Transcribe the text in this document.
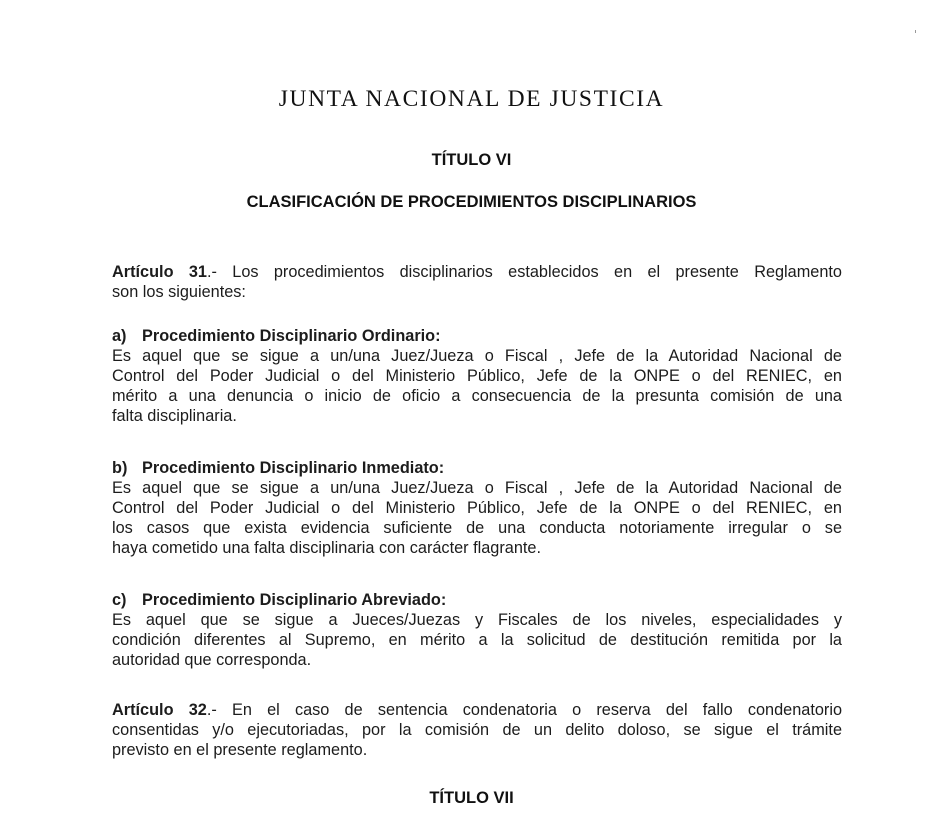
JUNTA NACIONAL DE JUSTICIA
TÍTULO VI
CLASIFICACIÓN DE PROCEDIMIENTOS DISCIPLINARIOS
Artículo 31.- Los procedimientos disciplinarios establecidos en el presente Reglamento
son los siguientes:
a) Procedimiento Disciplinario Ordinario:
Es aquel que se sigue a un/una Juez/Jueza o Fiscal , Jefe de la Autoridad Nacional de
Control del Poder Judicial o del Ministerio Público, Jefe de la ONPE o del RENIEC, en
mérito a una denuncia o inicio de oficio a consecuencia de la presunta comisión de una
falta disciplinaria.
b) Procedimiento Disciplinario Inmediato:
Es aquel que se sigue a un/una Juez/Jueza o Fiscal , Jefe de la Autoridad Nacional de
Control del Poder Judicial o del Ministerio Público, Jefe de la ONPE o del RENIEC, en
los casos que exista evidencia suficiente de una conducta notoriamente irregular o se
haya cometido una falta disciplinaria con carácter flagrante.
c) Procedimiento Disciplinario Abreviado:
Es aquel que se sigue a Jueces/Juezas y Fiscales de los niveles, especialidades y
condición diferentes al Supremo, en mérito a la solicitud de destitución remitida por la
autoridad que corresponda.
Artículo 32.- En el caso de sentencia condenatoria o reserva del fallo condenatorio
consentidas y/o ejecutoriadas, por la comisión de un delito doloso, se sigue el trámite
previsto en el presente reglamento.
TÍTULO VII
